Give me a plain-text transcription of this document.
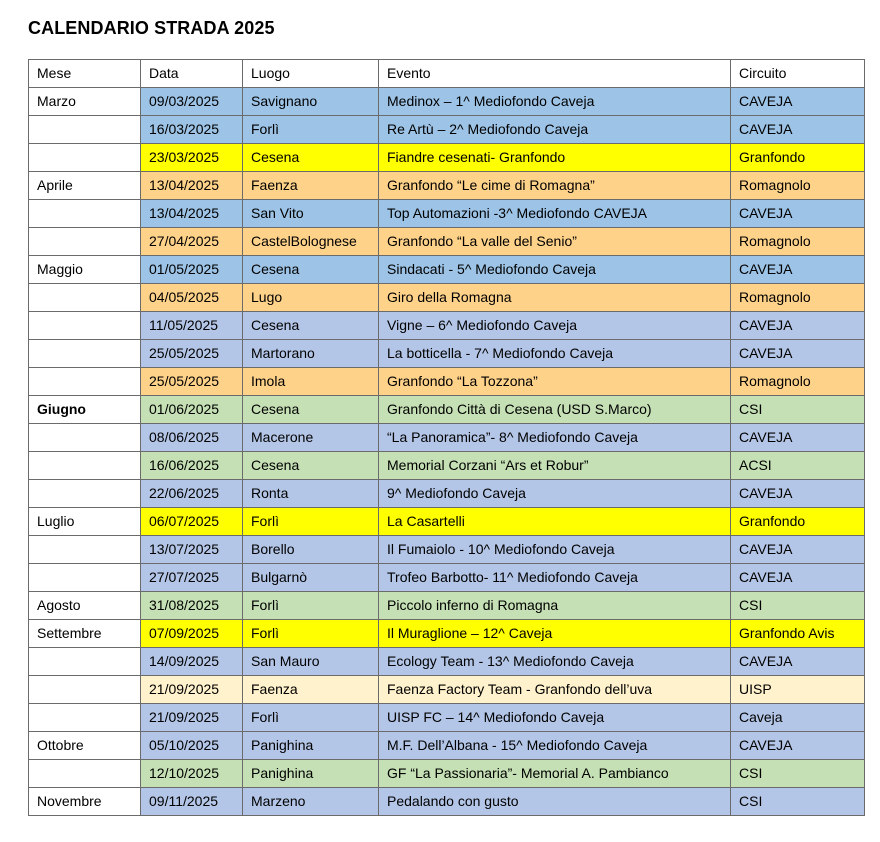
CALENDARIO STRADA 2025
Mese	Data	Luogo	Evento	Circuito
Marzo	09/03/2025	Savignano	Medinox – 1^ Mediofondo Caveja	CAVEJA
	16/03/2025	Forlì	Re Artù – 2^ Mediofondo Caveja	CAVEJA
	23/03/2025	Cesena	Fiandre cesenati- Granfondo	Granfondo
Aprile	13/04/2025	Faenza	Granfondo “Le cime di Romagna”	Romagnolo
	13/04/2025	San Vito	Top Automazioni -3^ Mediofondo CAVEJA	CAVEJA
	27/04/2025	CastelBolognese	Granfondo “La valle del Senio”	Romagnolo
Maggio	01/05/2025	Cesena	Sindacati - 5^ Mediofondo Caveja	CAVEJA
	04/05/2025	Lugo	Giro della Romagna	Romagnolo
	11/05/2025	Cesena	Vigne – 6^ Mediofondo Caveja	CAVEJA
	25/05/2025	Martorano	La botticella - 7^ Mediofondo Caveja	CAVEJA
	25/05/2025	Imola	Granfondo “La Tozzona”	Romagnolo
Giugno	01/06/2025	Cesena	Granfondo Città di Cesena (USD S.Marco)	CSI
	08/06/2025	Macerone	“La Panoramica”- 8^ Mediofondo Caveja	CAVEJA
	16/06/2025	Cesena	Memorial Corzani “Ars et Robur”	ACSI
	22/06/2025	Ronta	9^ Mediofondo Caveja	CAVEJA
Luglio	06/07/2025	Forlì	La Casartelli	Granfondo
	13/07/2025	Borello	Il Fumaiolo - 10^ Mediofondo Caveja	CAVEJA
	27/07/2025	Bulgarnò	Trofeo Barbotto- 11^ Mediofondo Caveja	CAVEJA
Agosto	31/08/2025	Forlì	Piccolo inferno di Romagna	CSI
Settembre	07/09/2025	Forlì	Il Muraglione – 12^ Caveja	Granfondo Avis
	14/09/2025	San Mauro	Ecology Team - 13^ Mediofondo Caveja	CAVEJA
	21/09/2025	Faenza	Faenza Factory Team - Granfondo dell’uva	UISP
	21/09/2025	Forlì	UISP FC – 14^ Mediofondo Caveja	Caveja
Ottobre	05/10/2025	Panighina	M.F. Dell’Albana - 15^ Mediofondo Caveja	CAVEJA
	12/10/2025	Panighina	GF “La Passionaria”- Memorial A. Pambianco	CSI
Novembre	09/11/2025	Marzeno	Pedalando con gusto	CSI
